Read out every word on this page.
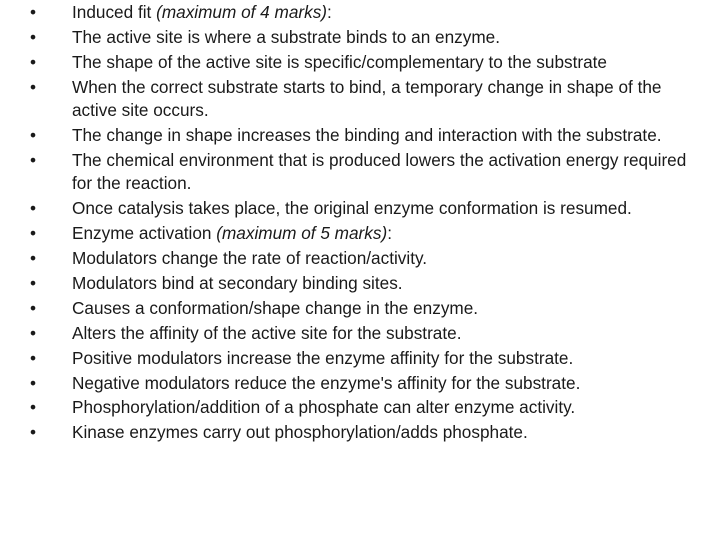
• Induced fit (maximum of 4 marks):
• The active site is where a substrate binds to an enzyme.
• The shape of the active site is specific/complementary to the substrate
• When the correct substrate starts to bind, a temporary change in shape of the active site occurs.
• The change in shape increases the binding and interaction with the substrate.
• The chemical environment that is produced lowers the activation energy required for the reaction.
• Once catalysis takes place, the original enzyme conformation is resumed.
• Enzyme activation (maximum of 5 marks):
• Modulators change the rate of reaction/activity.
• Modulators bind at secondary binding sites.
• Causes a conformation/shape change in the enzyme.
• Alters the affinity of the active site for the substrate.
• Positive modulators increase the enzyme affinity for the substrate.
• Negative modulators reduce the enzyme's affinity for the substrate.
• Phosphorylation/addition of a phosphate can alter enzyme activity.
• Kinase enzymes carry out phosphorylation/adds phosphate.
